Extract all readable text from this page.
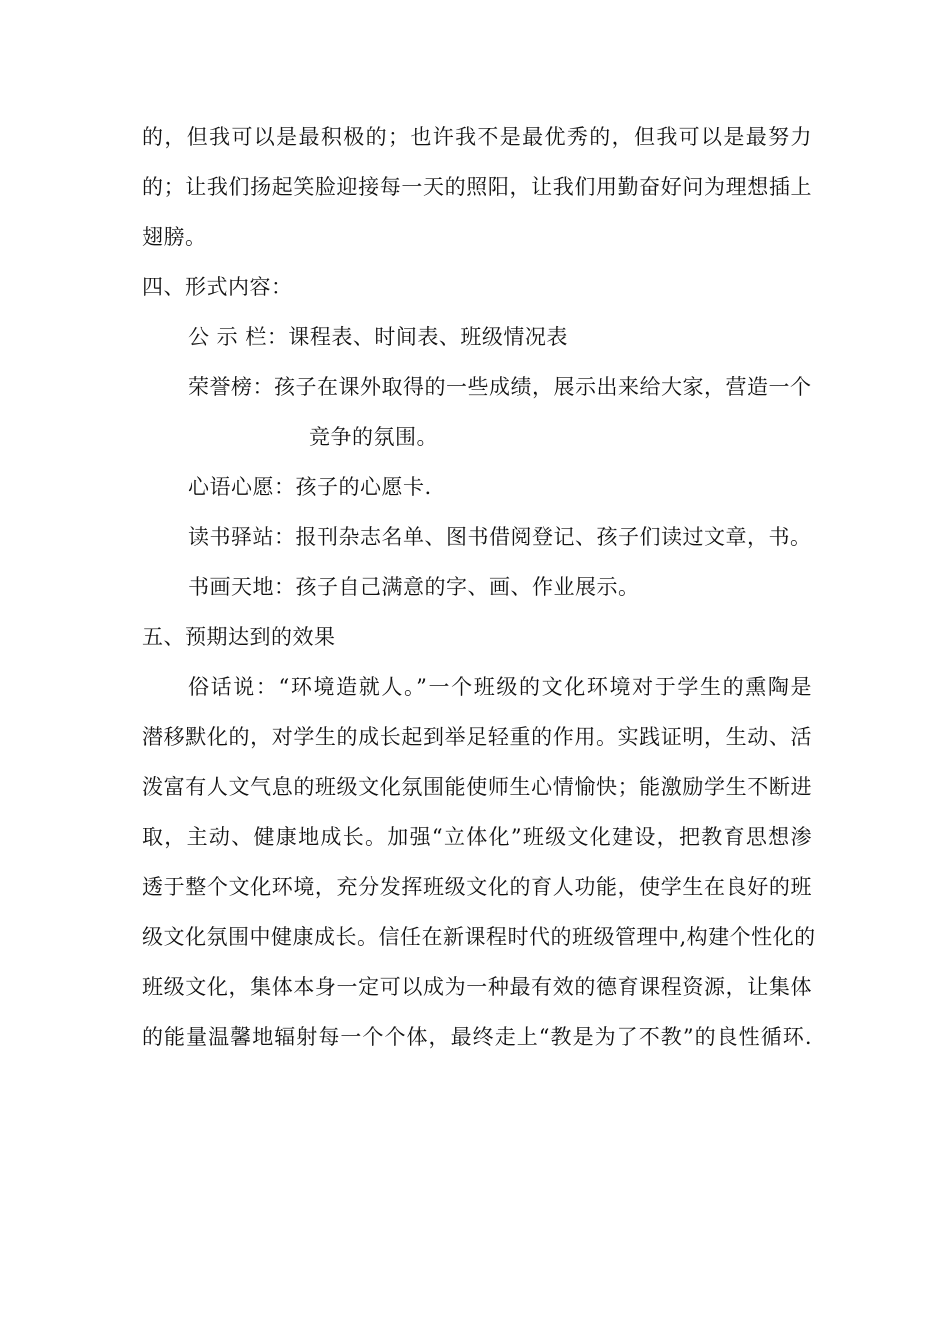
的，但我可以是最积极的；也许我不是最优秀的，但我可以是最努力
的；让我们扬起笑脸迎接每一天的照阳，让我们用勤奋好问为理想插上
翅膀。
四、形式内容：
公 示 栏：课程表、时间表、班级情况表
荣誉榜：孩子在课外取得的一些成绩，展示出来给大家，营造一个
竞争的氛围。
心语心愿：孩子的心愿卡.
读书驿站：报刊杂志名单、图书借阅登记、孩子们读过文章，书。
书画天地：孩子自己满意的字、画、作业展示。
五、预期达到的效果
俗话说：“环境造就人。”一个班级的文化环境对于学生的熏陶是
潜移默化的，对学生的成长起到举足轻重的作用。实践证明，生动、活
泼富有人文气息的班级文化氛围能使师生心情愉快；能激励学生不断进
取，主动、健康地成长。加强“立体化”班级文化建设，把教育思想渗
透于整个文化环境，充分发挥班级文化的育人功能，使学生在良好的班
级文化氛围中健康成长。信任在新课程时代的班级管理中,构建个性化的
班级文化，集体本身一定可以成为一种最有效的德育课程资源，让集体
的能量温馨地辐射每一个个体，最终走上“教是为了不教”的良性循环.
